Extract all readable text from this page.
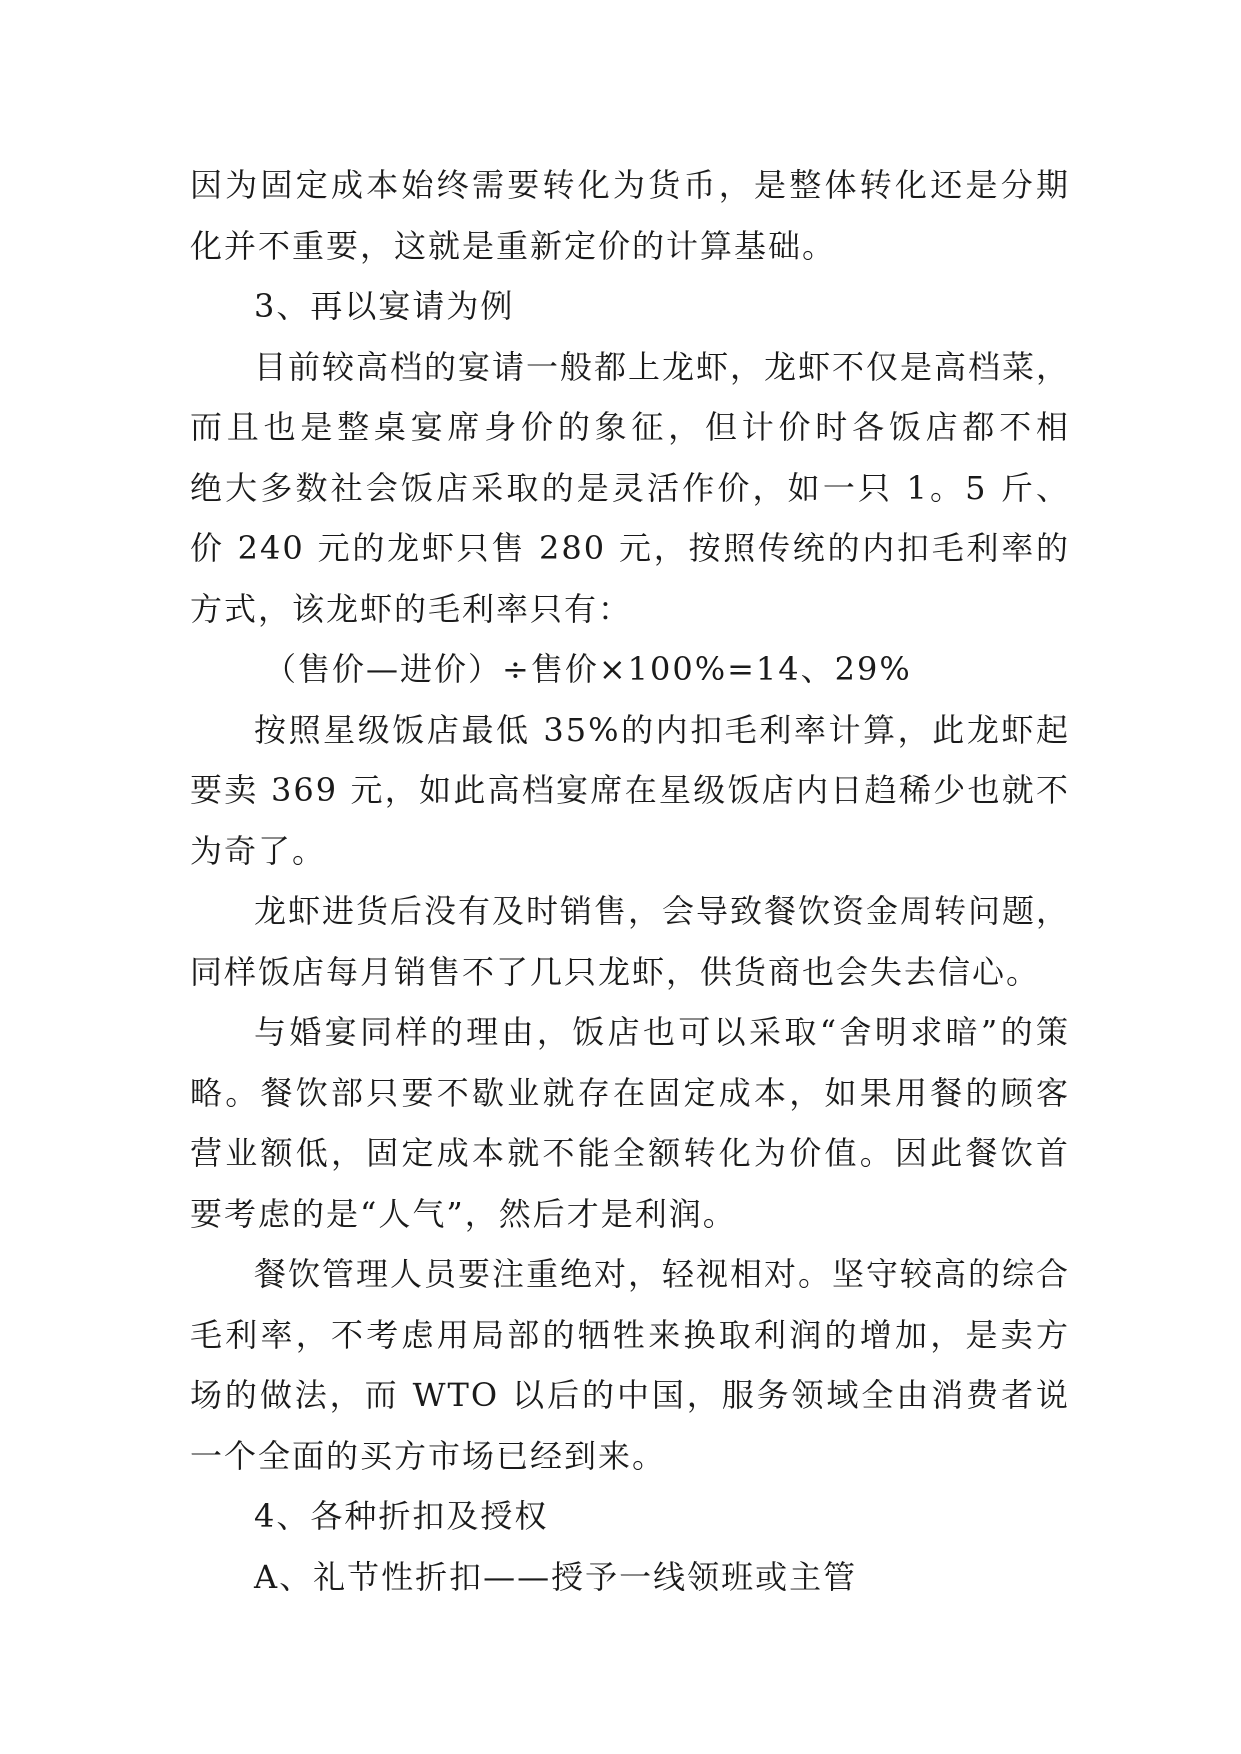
因为固定成本始终需要转化为货币，是整体转化还是分期
化并不重要，这就是重新定价的计算基础。
3、再以宴请为例
目前较高档的宴请一般都上龙虾，龙虾不仅是高档菜，
而且也是整桌宴席身价的象征，但计价时各饭店都不相
绝大多数社会饭店采取的是灵活作价，如一只 1。5 斤、
价 240 元的龙虾只售 280 元，按照传统的内扣毛利率的
方式，该龙虾的毛利率只有：
（售价—进价）÷售价×100%=14、29%
按照星级饭店最低 35%的内扣毛利率计算，此龙虾起
要卖 369 元，如此高档宴席在星级饭店内日趋稀少也就不
为奇了。
龙虾进货后没有及时销售，会导致餐饮资金周转问题，
同样饭店每月销售不了几只龙虾，供货商也会失去信心。
与婚宴同样的理由，饭店也可以采取“舍明求暗”的策
略。餐饮部只要不歇业就存在固定成本，如果用餐的顾客
营业额低，固定成本就不能全额转化为价值。因此餐饮首
要考虑的是“人气”，然后才是利润。
餐饮管理人员要注重绝对，轻视相对。坚守较高的综合
毛利率，不考虑用局部的牺牲来换取利润的增加，是卖方
场的做法，而 WTO 以后的中国，服务领域全由消费者说
一个全面的买方市场已经到来。
4、各种折扣及授权
A、礼节性折扣——授予一线领班或主管
